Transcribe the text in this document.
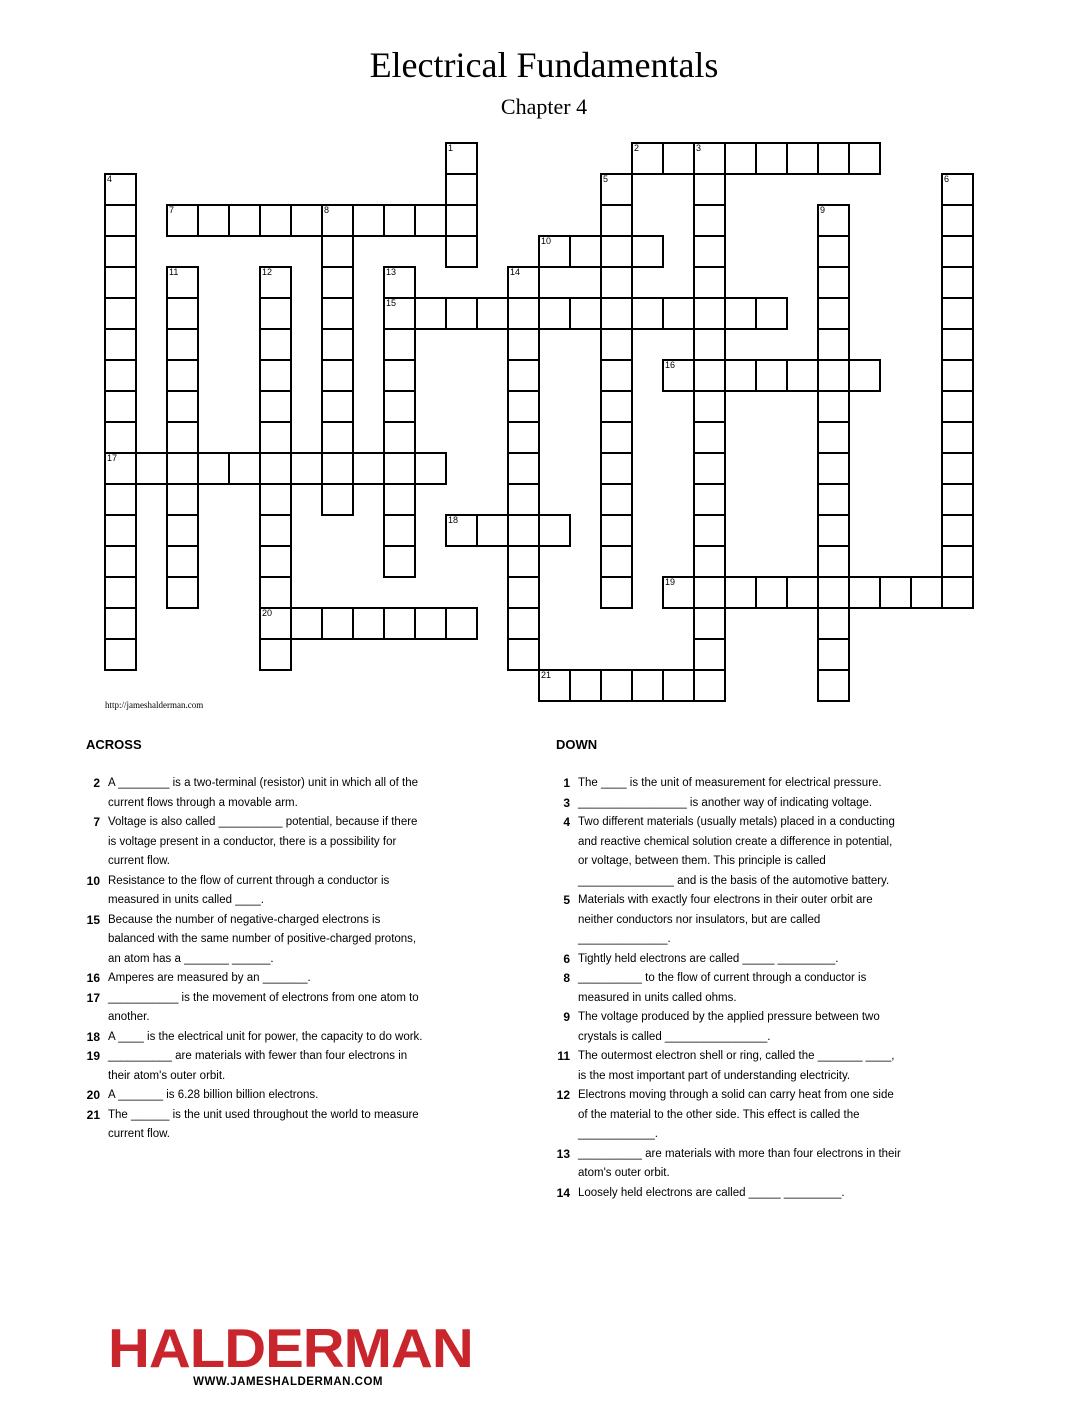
Electrical Fundamentals
Chapter 4
1	2	3
4
17
5	6
7	8	9
10
11	12
20
13
15
14
16
18
19
21
http://jameshalderman.com
ACROSS	DOWN
2 A ________ is a two-terminal (resistor) unit in which all of the current flows through a movable arm.
7 Voltage is also called __________ potential, because if there is voltage present in a conductor, there is a possibility for current flow.
10 Resistance to the flow of current through a conductor is measured in units called ____.
15 Because the number of negative-charged electrons is balanced with the same number of positive-charged protons, an atom has a _______ ______.
16 Amperes are measured by an _______.
17 ___________ is the movement of electrons from one atom to another.
18 A ____ is the electrical unit for power, the capacity to do work.
19 __________ are materials with fewer than four electrons in their atom's outer orbit.
20 A _______ is 6.28 billion billion electrons.
21 The ______ is the unit used throughout the world to measure current flow.
1 The ____ is the unit of measurement for electrical pressure.
3 _________________ is another way of indicating voltage.
4 Two different materials (usually metals) placed in a conducting and reactive chemical solution create a difference in potential, or voltage, between them. This principle is called _______________ and is the basis of the automotive battery.
5 Materials with exactly four electrons in their outer orbit are neither conductors nor insulators, but are called ______________.
6 Tightly held electrons are called _____ _________.
8 __________ to the flow of current through a conductor is measured in units called ohms.
9 The voltage produced by the applied pressure between two crystals is called ________________.
11 The outermost electron shell or ring, called the _______ ____, is the most important part of understanding electricity.
12 Electrons moving through a solid can carry heat from one side of the material to the other side. This effect is called the ____________.
13 __________ are materials with more than four electrons in their atom's outer orbit.
14 Loosely held electrons are called _____ _________.
HALDERMAN
WWW.JAMESHALDERMAN.COM
